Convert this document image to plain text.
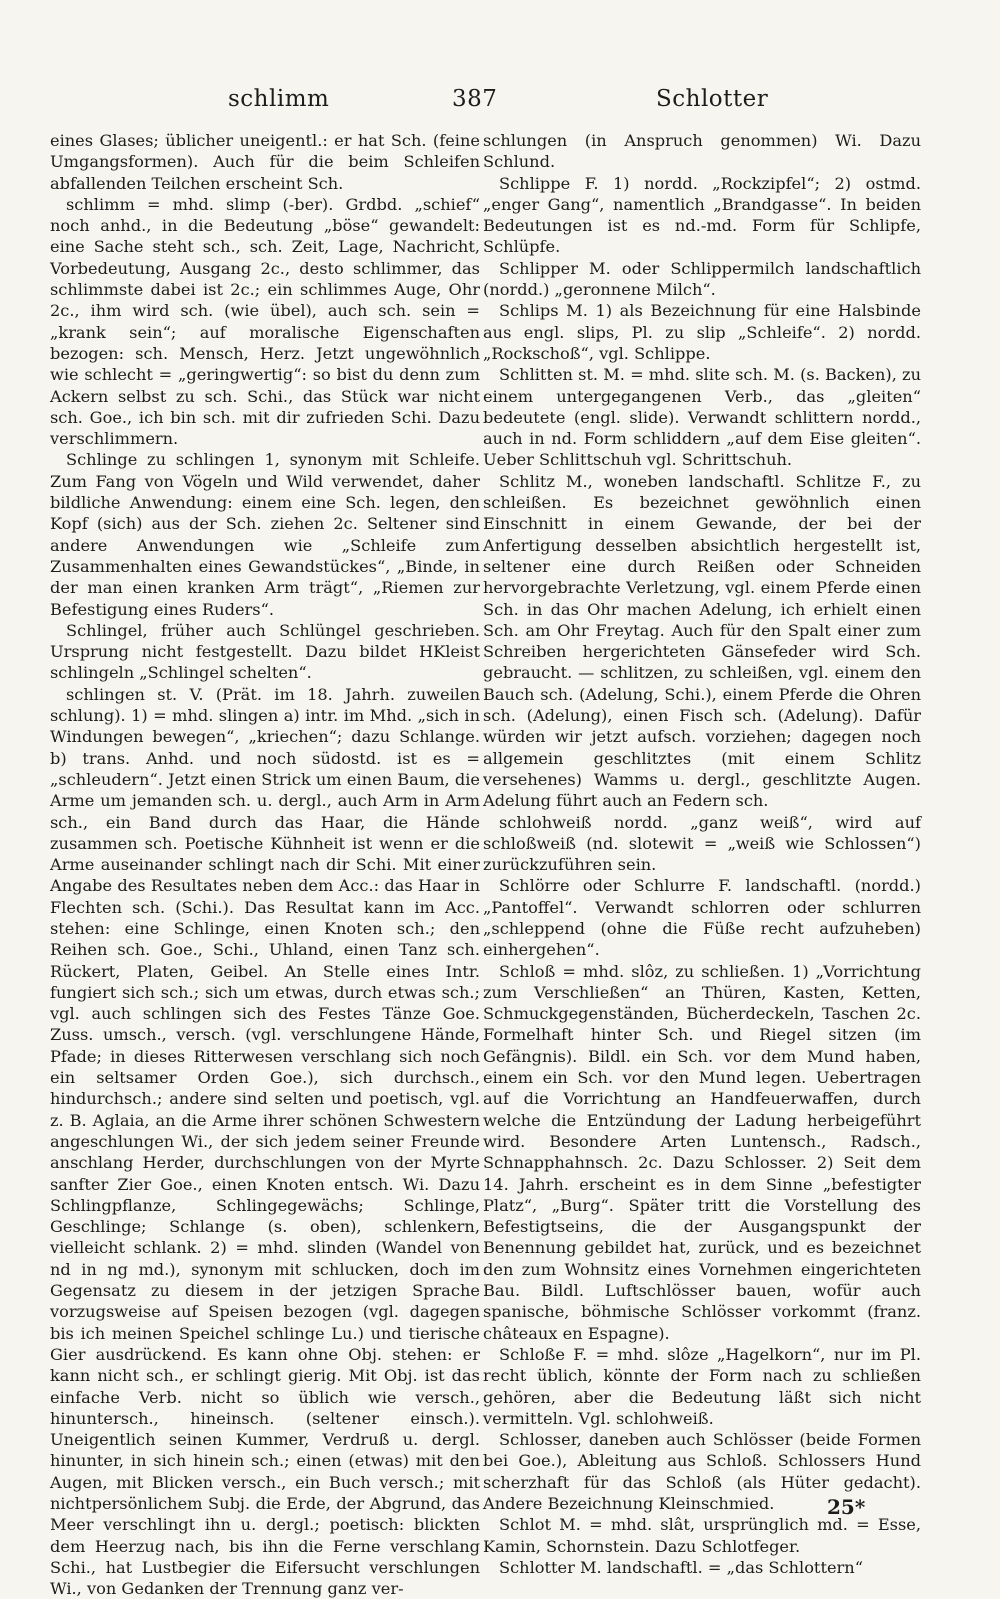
schlimm	387	Schlotter

eines Glases; üblicher uneigentl.: er hat Sch. (feine Umgangsformen). Auch für die beim Schleifen abfallenden Teilchen erscheint Sch.

schlimm = mhd. slimp (-ber). Grdbd. „schief“ noch anhd., in die Bedeutung „böse“ gewandelt: eine Sache steht sch., sch. Zeit, Lage, Nachricht, Vorbedeutung, Ausgang 2c., desto schlimmer, das schlimmste dabei ist 2c.; ein schlimmes Auge, Ohr 2c., ihm wird sch. (wie übel), auch sch. sein = „krank sein“; auf moralische Eigenschaften bezogen: sch. Mensch, Herz. Jetzt ungewöhnlich wie schlecht = „geringwertig“: so bist du denn zum Ackern selbst zu sch. Schi., das Stück war nicht sch. Goe., ich bin sch. mit dir zufrieden Schi. Dazu verschlimmern.

Schlinge zu schlingen 1, synonym mit Schleife. Zum Fang von Vögeln und Wild verwendet, daher bildliche Anwendung: einem eine Sch. legen, den Kopf (sich) aus der Sch. ziehen 2c. Seltener sind andere Anwendungen wie „Schleife zum Zusammenhalten eines Gewandstückes“, „Binde, in der man einen kranken Arm trägt“, „Riemen zur Befestigung eines Ruders“.

Schlingel, früher auch Schlüngel geschrieben. Ursprung nicht festgestellt. Dazu bildet HKleist schlingeln „Schlingel schelten“.

schlingen st. V. (Prät. im 18. Jahrh. zuweilen schlung). 1) = mhd. slingen a) intr. im Mhd. „sich in Windungen bewegen“, „kriechen“; dazu Schlange. b) trans. Anhd. und noch südostd. ist es = „schleudern“. Jetzt einen Strick um einen Baum, die Arme um jemanden sch. u. dergl., auch Arm in Arm sch., ein Band durch das Haar, die Hände zusammen sch. Poetische Kühnheit ist wenn er die Arme auseinander schlingt nach dir Schi. Mit einer Angabe des Resultates neben dem Acc.: das Haar in Flechten sch. (Schi.). Das Resultat kann im Acc. stehen: eine Schlinge, einen Knoten sch.; den Reihen sch. Goe., Schi., Uhland, einen Tanz sch. Rückert, Platen, Geibel. An Stelle eines Intr. fungiert sich sch.; sich um etwas, durch etwas sch.; vgl. auch schlingen sich des Festes Tänze Goe. Zuss. umsch., versch. (vgl. verschlungene Hände, Pfade; in dieses Ritterwesen verschlang sich noch ein seltsamer Orden Goe.), sich durchsch., hindurchsch.; andere sind selten und poetisch, vgl. z. B. Aglaia, an die Arme ihrer schönen Schwestern angeschlungen Wi., der sich jedem seiner Freunde anschlang Herder, durchschlungen von der Myrte sanfter Zier Goe., einen Knoten entsch. Wi. Dazu Schlingpflanze, Schlingegewächs; Schlinge, Geschlinge; Schlange (s. oben), schlenkern, vielleicht schlank. 2) = mhd. slinden (Wandel von nd in ng md.), synonym mit schlucken, doch im Gegensatz zu diesem in der jetzigen Sprache vorzugsweise auf Speisen bezogen (vgl. dagegen bis ich meinen Speichel schlinge Lu.) und tierische Gier ausdrückend. Es kann ohne Obj. stehen: er kann nicht sch., er schlingt gierig. Mit Obj. ist das einfache Verb. nicht so üblich wie versch., hinuntersch., hineinsch. (seltener einsch.). Uneigentlich seinen Kummer, Verdruß u. dergl. hinunter, in sich hinein sch.; einen (etwas) mit den Augen, mit Blicken versch., ein Buch versch.; mit nichtpersönlichem Subj. die Erde, der Abgrund, das Meer verschlingt ihn u. dergl.; poetisch: blickten dem Heerzug nach, bis ihn die Ferne verschlang Schi., hat Lustbegier die Eifersucht verschlungen Wi., von Gedanken der Trennung ganz ver-

schlungen (in Anspruch genommen) Wi. Dazu Schlund.

Schlippe F. 1) nordd. „Rockzipfel“; 2) ostmd. „enger Gang“, namentlich „Brandgasse“. In beiden Bedeutungen ist es nd.-md. Form für Schlipfe, Schlüpfe.

Schlipper M. oder Schlippermilch landschaftlich (nordd.) „geronnene Milch“.

Schlips M. 1) als Bezeichnung für eine Halsbinde aus engl. slips, Pl. zu slip „Schleife“. 2) nordd. „Rockschoß“, vgl. Schlippe.

Schlitten st. M. = mhd. slite sch. M. (s. Backen), zu einem untergegangenen Verb., das „gleiten“ bedeutete (engl. slide). Verwandt schlittern nordd., auch in nd. Form schliddern „auf dem Eise gleiten“. Ueber Schlittschuh vgl. Schrittschuh.

Schlitz M., woneben landschaftl. Schlitze F., zu schleißen. Es bezeichnet gewöhnlich einen Einschnitt in einem Gewande, der bei der Anfertigung desselben absichtlich hergestellt ist, seltener eine durch Reißen oder Schneiden hervorgebrachte Verletzung, vgl. einem Pferde einen Sch. in das Ohr machen Adelung, ich erhielt einen Sch. am Ohr Freytag. Auch für den Spalt einer zum Schreiben hergerichteten Gänsefeder wird Sch. gebraucht. — schlitzen, zu schleißen, vgl. einem den Bauch sch. (Adelung, Schi.), einem Pferde die Ohren sch. (Adelung), einen Fisch sch. (Adelung). Dafür würden wir jetzt aufsch. vorziehen; dagegen noch allgemein geschlitztes (mit einem Schlitz versehenes) Wamms u. dergl., geschlitzte Augen. Adelung führt auch an Federn sch.

schlohweiß nordd. „ganz weiß“, wird auf schloßweiß (nd. slotewit = „weiß wie Schlossen“) zurückzuführen sein.

Schlörre oder Schlurre F. landschaftl. (nordd.) „Pantoffel“. Verwandt schlorren oder schlurren „schleppend (ohne die Füße recht aufzuheben) einhergehen“.

Schloß = mhd. slôz, zu schließen. 1) „Vorrichtung zum Verschließen“ an Thüren, Kasten, Ketten, Schmuckgegenständen, Bücherdeckeln, Taschen 2c. Formelhaft hinter Sch. und Riegel sitzen (im Gefängnis). Bildl. ein Sch. vor dem Mund haben, einem ein Sch. vor den Mund legen. Uebertragen auf die Vorrichtung an Handfeuerwaffen, durch welche die Entzündung der Ladung herbeigeführt wird. Besondere Arten Luntensch., Radsch., Schnapphahnsch. 2c. Dazu Schlosser. 2) Seit dem 14. Jahrh. erscheint es in dem Sinne „befestigter Platz“, „Burg“. Später tritt die Vorstellung des Befestigtseins, die der Ausgangspunkt der Benennung gebildet hat, zurück, und es bezeichnet den zum Wohnsitz eines Vornehmen eingerichteten Bau. Bildl. Luftschlösser bauen, wofür auch spanische, böhmische Schlösser vorkommt (franz. châteaux en Espagne).

Schloße F. = mhd. slôze „Hagelkorn“, nur im Pl. recht üblich, könnte der Form nach zu schließen gehören, aber die Bedeutung läßt sich nicht vermitteln. Vgl. schlohweiß.

Schlosser, daneben auch Schlösser (beide Formen bei Goe.), Ableitung aus Schloß. Schlossers Hund scherzhaft für das Schloß (als Hüter gedacht). Andere Bezeichnung Kleinschmied.

Schlot M. = mhd. slât, ursprünglich md. = Esse, Kamin, Schornstein. Dazu Schlotfeger.

Schlotter M. landschaftl. = „das Schlottern“

25*
